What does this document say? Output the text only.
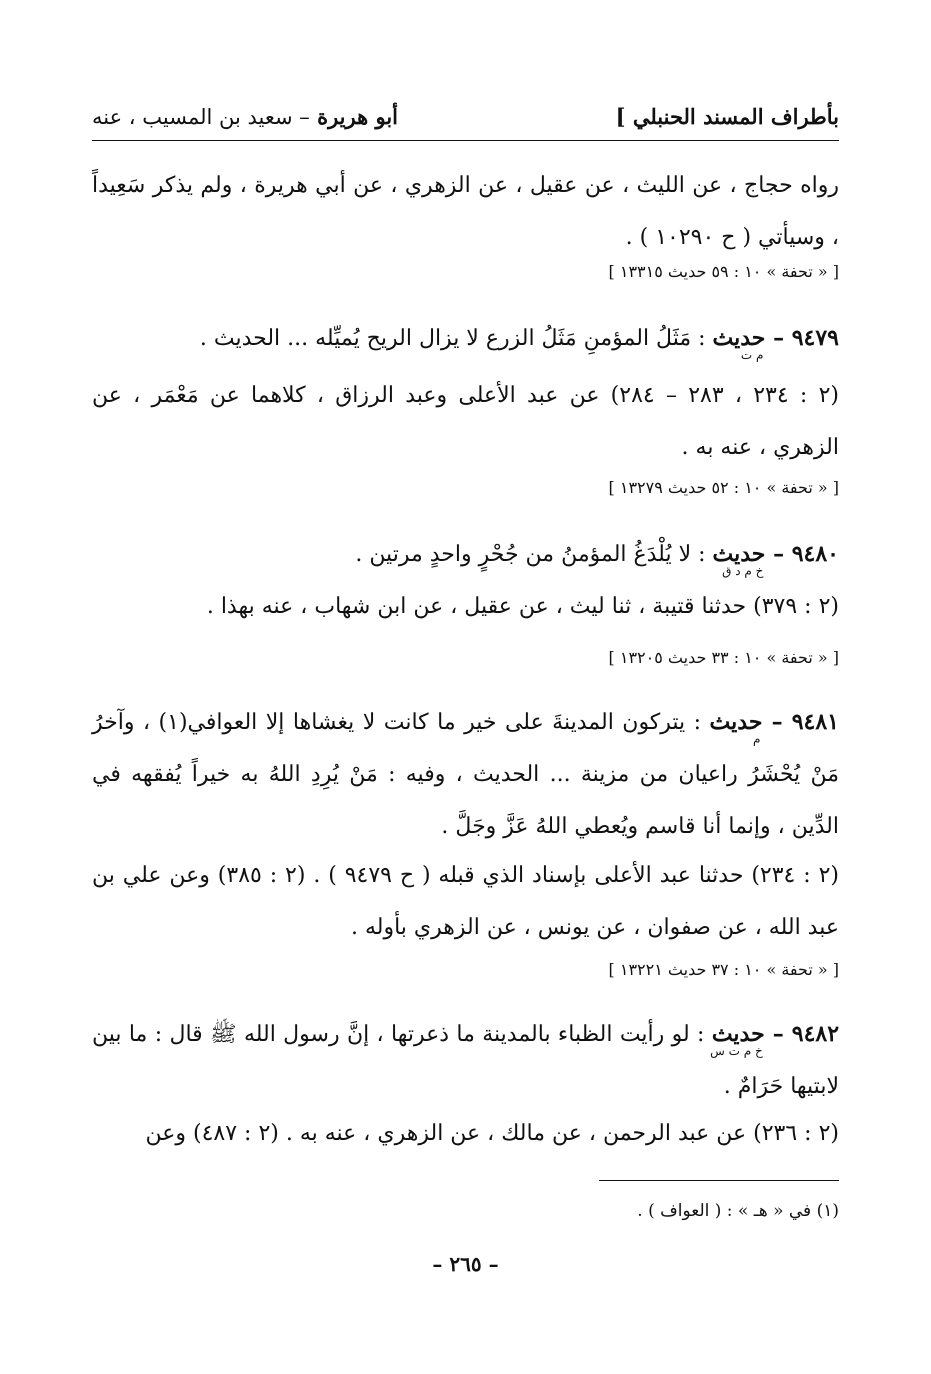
بأطراف المسند الحنبلي ]
أبو هريرة – سعيد بن المسيب ، عنه
رواه حجاج ، عن الليث ، عن عقيل ، عن الزهري ، عن أبي هريرة ، ولم يذكر سَعِيداً ، وسيأتي ( ح ١٠٢٩٠ ) .
[ « تحفة » ١٠ : ٥٩ حديث ١٣٣١٥ ]
٩٤٧٩ – حديث
م ت
: مَثَلُ المؤمنِ مَثَلُ الزرع لا يزال الريح يُميِّله ... الحديث .
(٢ : ٢٣٤ ، ٢٨٣ – ٢٨٤) عن عبد الأعلى وعبد الرزاق ، كلاهما عن مَعْمَر ، عن الزهري ، عنه به .
[ « تحفة » ١٠ : ٥٢ حديث ١٣٢٧٩ ]
٩٤٨٠ – حديث
خ م د ق
: لا يُلْدَغُ المؤمنُ من جُحْرٍ واحدٍ مرتين .
(٢ : ٣٧٩) حدثنا قتيبة ، ثنا ليث ، عن عقيل ، عن ابن شهاب ، عنه بهذا .
[ « تحفة » ١٠ : ٣٣ حديث ١٣٢٠٥ ]
٩٤٨١ – حديث
م
: يتركون المدينةَ على خير ما كانت لا يغشاها إلا العوافي(١) ، وآخرُ مَنْ يُحْشَرُ راعيان من مزينة ... الحديث ، وفيه : مَنْ يُرِدِ اللهُ به خيراً يُفقهه في الدِّين ، وإنما أنا قاسم ويُعطي اللهُ عَزَّ وجَلَّ .
(٢ : ٢٣٤) حدثنا عبد الأعلى بإسناد الذي قبله ( ح ٩٤٧٩ ) . (٢ : ٣٨٥) وعن علي بن عبد الله ، عن صفوان ، عن يونس ، عن الزهري بأوله .
[ « تحفة » ١٠ : ٣٧ حديث ١٣٢٢١ ]
٩٤٨٢ – حديث
خ م ت س
: لو رأيت الظباء بالمدينة ما ذعرتها ، إنَّ رسول الله ﷺ قال : ما بين لابتيها حَرَامٌ .
(٢ : ٢٣٦) عن عبد الرحمن ، عن مالك ، عن الزهري ، عنه به . (٢ : ٤٨٧) وعن
(١) في « هـ » : ( العواف ) .
– ٢٦٥ –
